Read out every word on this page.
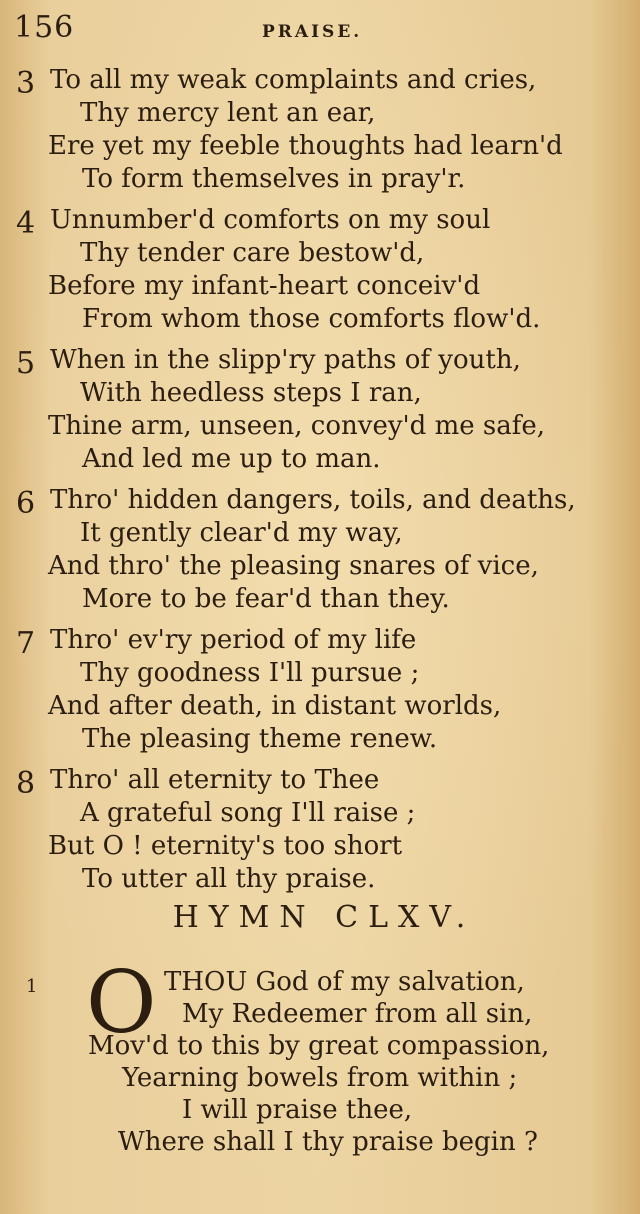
156	PRAISE.
3 To all my weak complaints and cries,
Thy mercy lent an ear,
Ere yet my feeble thoughts had learn'd
To form themselves in pray'r.
4 Unnumber'd comforts on my soul
Thy tender care bestow'd,
Before my infant-heart conceiv'd
From whom those comforts flow'd.
5 When in the slipp'ry paths of youth,
With heedless steps I ran,
Thine arm, unseen, convey'd me safe,
And led me up to man.
6 Thro' hidden dangers, toils, and deaths,
It gently clear'd my way,
And thro' the pleasing snares of vice,
More to be fear'd than they.
7 Thro' ev'ry period of my life
Thy goodness I'll pursue ;
And after death, in distant worlds,
The pleasing theme renew.
8 Thro' all eternity to Thee
A grateful song I'll raise ;
But O ! eternity's too short
To utter all thy praise.
HYMN CLXV.
1 O THOU God of my salvation,
My Redeemer from all sin,
Mov'd to this by great compassion,
Yearning bowels from within ;
I will praise thee,
Where shall I thy praise begin ?
